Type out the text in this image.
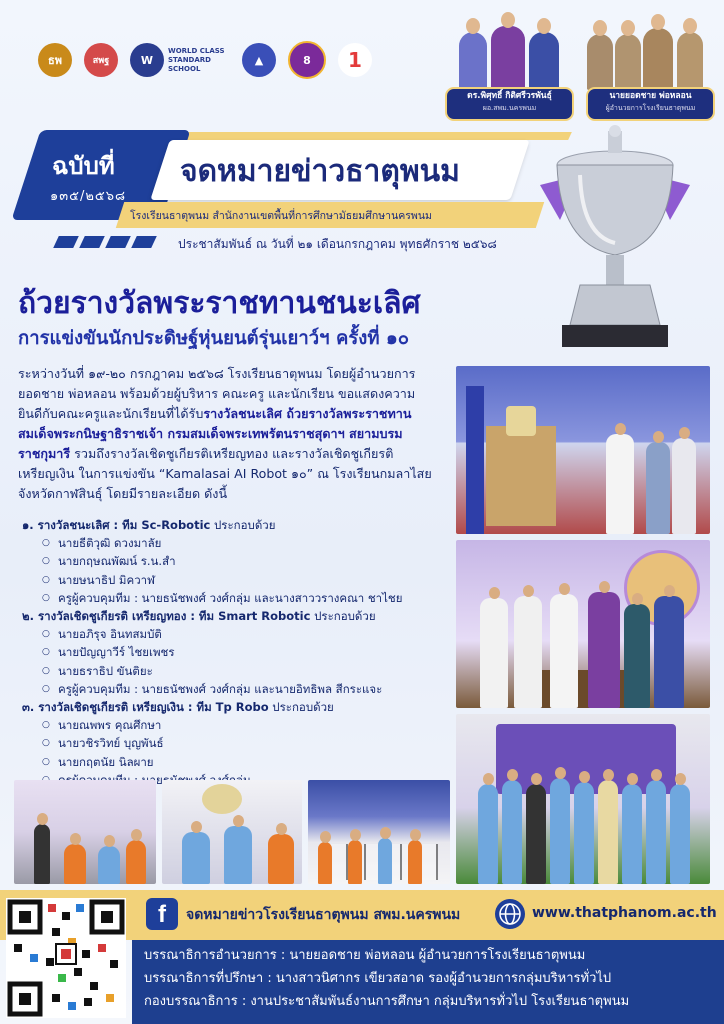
ธพ	สพฐ	W
WORLD CLASS
STANDARD SCHOOL
▲	8 1
ดร.พิศุทธิ์ กิติศรีวรพันธุ์
ผอ.สพม.นครพนม
นายยอดชาย พ่อหลอน
ผู้อำนวยการโรงเรียนธาตุพนม
ฉบับที่
๑๓๕/๒๕๖๘
จดหมายข่าวธาตุพนม
โรงเรียนธาตุพนม สำนักงานเขตพื้นที่การศึกษามัธยมศึกษานครพนม
ประชาสัมพันธ์ ณ วันที่ ๒๑ เดือนกรกฎาคม พุทธศักราช ๒๕๖๘
ถ้วยรางวัลพระราชทานชนะเลิศ
การแข่งขันนักประดิษฐ์หุ่นยนต์รุ่นเยาว์ฯ ครั้งที่ ๑๐
ระหว่างวันที่ ๑๙-๒๐ กรกฎาคม ๒๕๖๘ โรงเรียนธาตุพนม โดยผู้อำนวยการ
ยอดชาย พ่อหลอน พร้อมด้วยผู้บริหาร คณะครู และนักเรียน ขอแสดงความ
ยินดีกับคณะครูและนักเรียนที่ได้รับรางวัลชนะเลิศ ถ้วยรางวัลพระราชทาน
สมเด็จพระกนิษฐาธิราชเจ้า กรมสมเด็จพระเทพรัตนราชสุดาฯ สยามบรม
ราชกุมารี รวมถึงรางวัลเชิดชูเกียรติเหรียญทอง และรางวัลเชิดชูเกียรติ
เหรียญเงิน ในการแข่งขัน “Kamalasai AI Robot ๑๐” ณ โรงเรียนกมลาไสย
จังหวัดกาฬสินธุ์ โดยมีรายละเอียด ดังนี้
๑. รางวัลชนะเลิศ : ทีม Sc-Robotic ประกอบด้วย
○ นายธีติวุฒิ ดวงมาลัย
○ นายกฤษณพัฒน์ ร.น.สำ
○ นายษนาธิป มิควาฬ
○ ครูผู้ควบคุมทีม : นายธนัชพงศ์ วงศ์กลุ่ม และนางสาววรางคณา ชาไชย
๒. รางวัลเชิดชูเกียรติ เหรียญทอง : ทีม Smart Robotic ประกอบด้วย
○ นายอภิรุจ อินทสมบัติ
○ นายปัญญาวีร์ ไชยเพชร
○ นายธราธิป ขันติยะ
○ ครูผู้ควบคุมทีม : นายธนัชพงศ์ วงศ์กลุ่ม และนายอิทธิพล สีกระแจะ
๓. รางวัลเชิดชูเกียรติ เหรียญเงิน : ทีม Tp Robo ประกอบด้วย
○ นายณพพร คุณศึกษา
○ นายวชิรวิทย์ บุญพันธ์
○ นายกฤตนัย นิลผาย
○
f	จดหมายข่าวโรงเรียนธาตุพนม สพม.นครพนม	www.thatphanom.ac.th
บรรณาธิการอำนวยการ : นายยอดชาย พ่อหลอน ผู้อำนวยการโรงเรียนธาตุพนม
บรรณาธิการที่ปรึกษา : นางสาวนิศากร เขียวสอาด รองผู้อำนวยการกลุ่มบริหารทั่วไป
กองบรรณาธิการ : งานประชาสัมพันธ์งานการศึกษา กลุ่มบริหารทั่วไป โรงเรียนธาตุพนม
